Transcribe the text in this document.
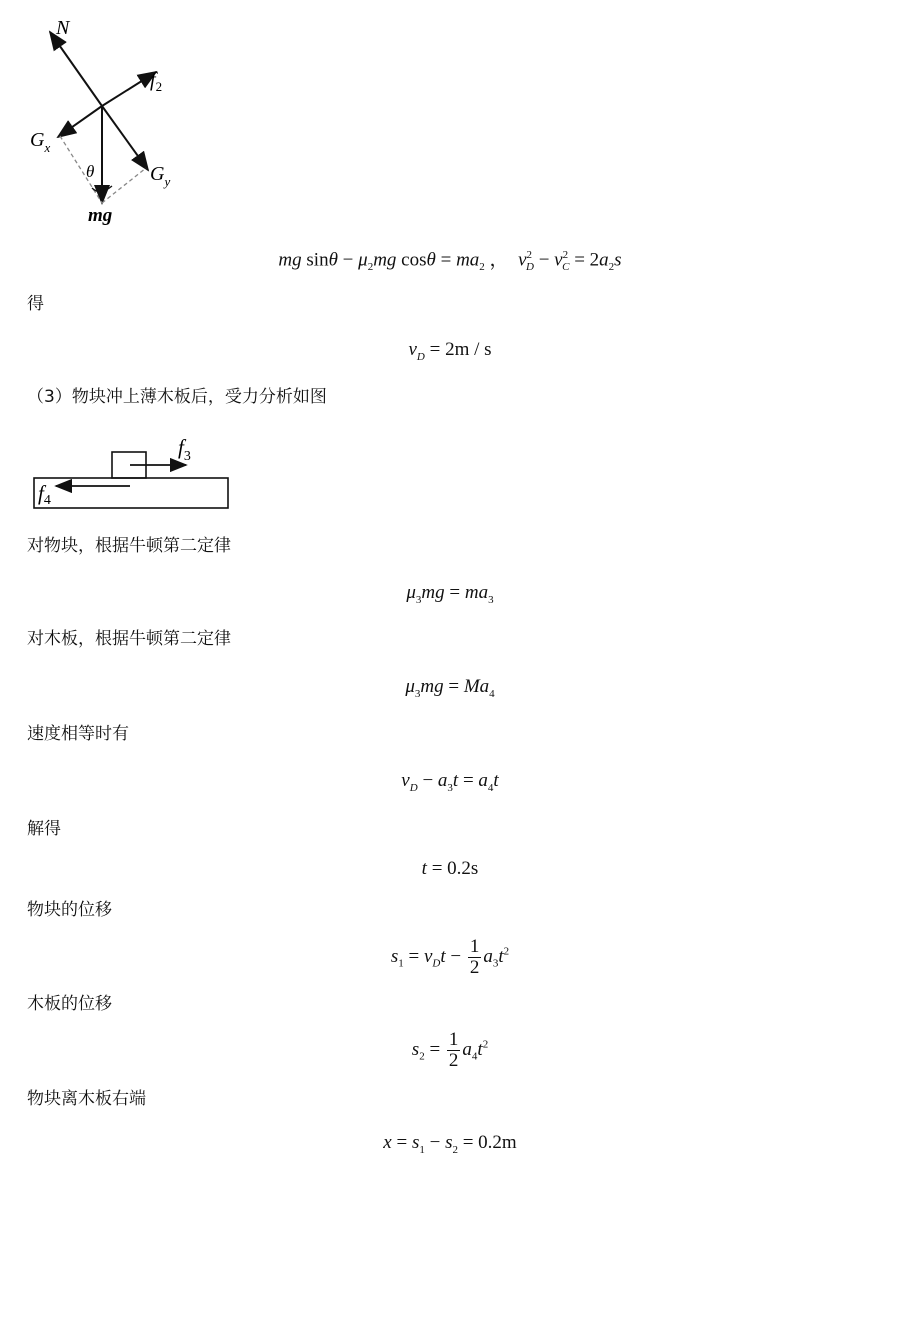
N
$f_2$
$G_x$
$G_y$
θ
mg
mg $\sin\theta - \mu_2mg$ $\cos\theta = ma_2$ ，  $v^2_D - v^2_C = 2a_2s$
得
$v_D = 2m / s$
（3）物块冲上薄木板后，受力分析如图
$f_3$
f4
对物块，根据牛顿第二定律
$\mu_3mg = ma_3$
对木板，根据牛顿第二定律
$\mu_3mg = Ma_4$
速度相等时有
$v_D - a_3t = a_4t$
解得
t = 0.2s
物块的位移
$s_1 = v_Dt - \frac{1}{2} a_3t^2$
木板的位移
$s_2 = \frac{1}{2} a_4t^2$
物块离木板右端
$x = s_1 - s_2 = 0.2m$
